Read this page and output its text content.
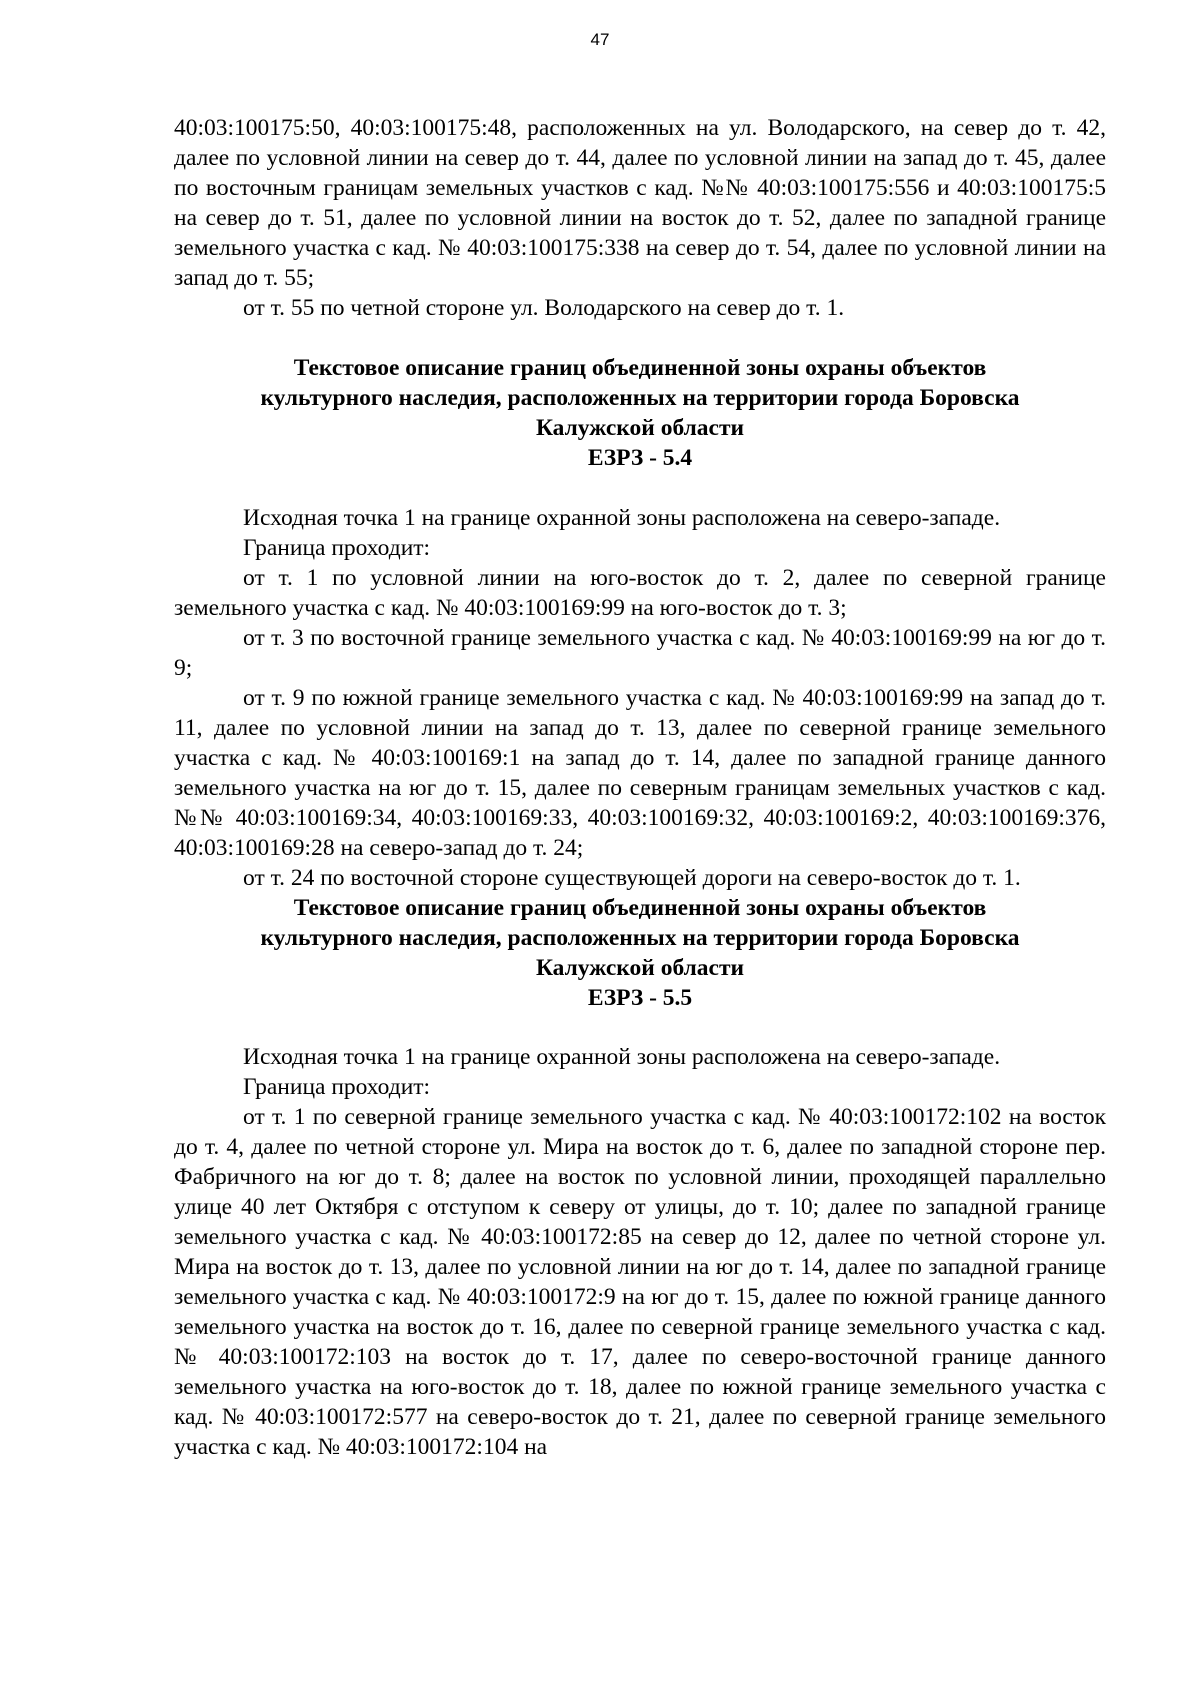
47

40:03:100175:50, 40:03:100175:48, расположенных на ул. Володарского, на север до т. 42, далее по условной линии на север до т. 44, далее по условной линии на запад до т. 45, далее по восточным границам земельных участков с кад. №№ 40:03:100175:556 и 40:03:100175:5 на север до т. 51, далее по условной линии на восток до т. 52, далее по западной границе земельного участка с кад. № 40:03:100175:338 на север до т. 54, далее по условной линии на запад до т. 55;

от т. 55 по четной стороне ул. Володарского на север до т. 1.

Текстовое описание границ объединенной зоны охраны объектов
культурного наследия, расположенных на территории города Боровска
Калужской области
ЕЗРЗ - 5.4

Исходная точка 1 на границе охранной зоны расположена на северо-западе.

Граница проходит:

от т. 1 по условной линии на юго-восток до т. 2, далее по северной границе земельного участка с кад. № 40:03:100169:99 на юго-восток до т. 3;

от т. 3 по восточной границе земельного участка с кад. № 40:03:100169:99 на юг до т. 9;

от т. 9 по южной границе земельного участка с кад. № 40:03:100169:99 на запад до т. 11, далее по условной линии на запад до т. 13, далее по северной границе земельного участка с кад. № 40:03:100169:1 на запад до т. 14, далее по западной границе данного земельного участка на юг до т. 15, далее по северным границам земельных участков с кад. №№ 40:03:100169:34, 40:03:100169:33, 40:03:100169:32, 40:03:100169:2, 40:03:100169:376, 40:03:100169:28 на северо-запад до т. 24;

от т. 24 по восточной стороне существующей дороги на северо-восток до т. 1.

Текстовое описание границ объединенной зоны охраны объектов
культурного наследия, расположенных на территории города Боровска
Калужской области
ЕЗРЗ - 5.5

Исходная точка 1 на границе охранной зоны расположена на северо-западе.

Граница проходит:

от т. 1 по северной границе земельного участка с кад. № 40:03:100172:102 на восток до т. 4, далее по четной стороне ул. Мира на восток до т. 6, далее по западной стороне пер. Фабричного на юг до т. 8; далее на восток по условной линии, проходящей параллельно улице 40 лет Октября с отступом к северу от улицы, до т. 10; далее по западной границе земельного участка с кад. № 40:03:100172:85 на север до 12, далее по четной стороне ул. Мира на восток до т. 13, далее по условной линии на юг до т. 14, далее по западной границе земельного участка с кад. № 40:03:100172:9 на юг до т. 15, далее по южной границе данного земельного участка на восток до т. 16, далее по северной границе земельного участка с кад. № 40:03:100172:103 на восток до т. 17, далее по северо-восточной границе данного земельного участка на юго-восток до т. 18, далее по южной границе земельного участка с кад. № 40:03:100172:577 на северо-восток до т. 21, далее по северной границе земельного участка с кад. № 40:03:100172:104 на
